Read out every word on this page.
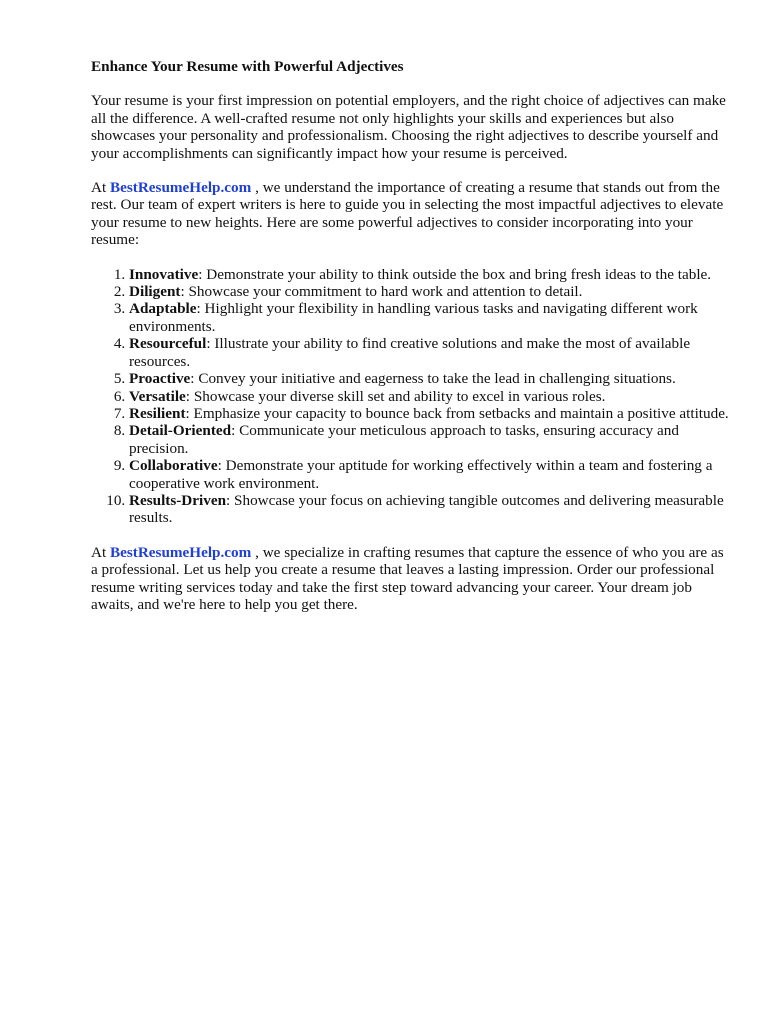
Enhance Your Resume with Powerful Adjectives

Your resume is your first impression on potential employers, and the right choice of adjectives can make all the difference. A well-crafted resume not only highlights your skills and experiences but also showcases your personality and professionalism. Choosing the right adjectives to describe yourself and your accomplishments can significantly impact how your resume is perceived.

At BestResumeHelp.com , we understand the importance of creating a resume that stands out from the rest. Our team of expert writers is here to guide you in selecting the most impactful adjectives to elevate your resume to new heights. Here are some powerful adjectives to consider incorporating into your resume:

1. Innovative: Demonstrate your ability to think outside the box and bring fresh ideas to the table.
2. Diligent: Showcase your commitment to hard work and attention to detail.
3. Adaptable: Highlight your flexibility in handling various tasks and navigating different work environments.
4. Resourceful: Illustrate your ability to find creative solutions and make the most of available resources.
5. Proactive: Convey your initiative and eagerness to take the lead in challenging situations.
6. Versatile: Showcase your diverse skill set and ability to excel in various roles.
7. Resilient: Emphasize your capacity to bounce back from setbacks and maintain a positive attitude.
8. Detail-Oriented: Communicate your meticulous approach to tasks, ensuring accuracy and precision.
9. Collaborative: Demonstrate your aptitude for working effectively within a team and fostering a cooperative work environment.
10. Results-Driven: Showcase your focus on achieving tangible outcomes and delivering measurable results.

At BestResumeHelp.com , we specialize in crafting resumes that capture the essence of who you are as a professional. Let us help you create a resume that leaves a lasting impression. Order our professional resume writing services today and take the first step toward advancing your career. Your dream job awaits, and we're here to help you get there.
